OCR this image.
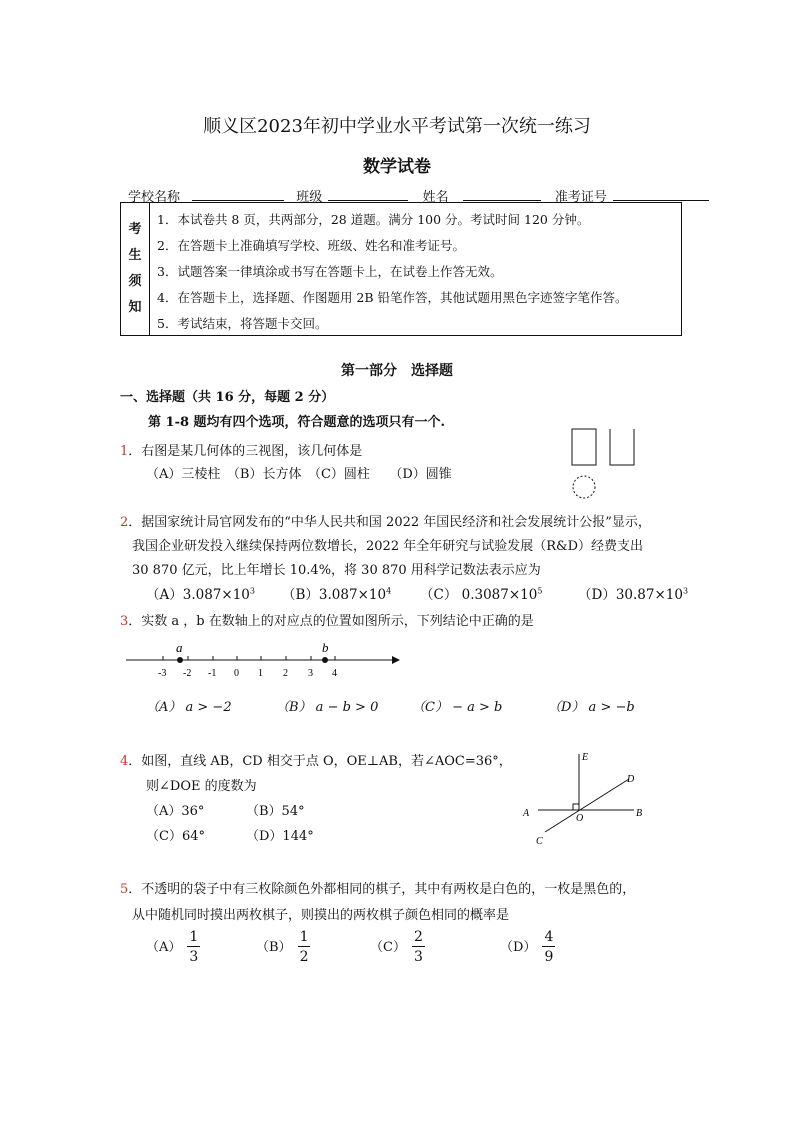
顺义区2023年初中学业水平考试第一次统一练习
数学试卷
学校名称	班级	姓名	准考证号
考
生
须
知
1．本试卷共 8 页，共两部分，28 道题。满分 100 分。考试时间 120 分钟。
2．在答题卡上准确填写学校、班级、姓名和准考证号。
3．试题答案一律填涂或书写在答题卡上，在试卷上作答无效。
4．在答题卡上，选择题、作图题用 2B 铅笔作答，其他试题用黑色字迹签字笔作答。
5．考试结束，将答题卡交回。
第一部分　选择题
一、选择题（共 16 分，每题 2 分）
第 1-8 题均有四个选项，符合题意的选项只有一个.
1．右图是某几何体的三视图，该几何体是
（A）三棱柱　（B）长方体　（C）圆柱　　（D）圆锥
2．据国家统计局官网发布的“中华人民共和国 2022 年国民经济和社会发展统计公报”显示，
我国企业研发投入继续保持两位数增长，2022 年全年研究与试验发展（R&D）经费支出
30 870 亿元，比上年增长 10.4%，将 30 870 用科学记数法表示应为
$(A)3.087\times 10^3$ $(B)3.087\times 10^4$ （C） $0.3087\times 10^5$	$(D)30.87\times 10^3$
3．实数 a ，b 在数轴上的对应点的位置如图所示，下列结论中正确的是
a	b
-3 -2 -1 0 1 2 3 4
（A） a > −2	（B） a − b > 0	（C） − a > b	（D） a > −b
4．如图，直线 AB，CD 相交于点 O，OE⊥AB，若∠AOC=36°，
则∠DOE 的度数为
（A）36°	（B）54°
（C）64°	（D）144°
E
D
A	O	B
C
5．不透明的袋子中有三枚除颜色外都相同的棋子，其中有两枚是白色的，一枚是黑色的，
从中随机同时摸出两枚棋子，则摸出的两枚棋子颜色相同的概率是
$(A) \frac{1}{3}$	$(B) \frac{1}{2}$	$(C) \frac{2}{3}$	$(D) \frac{4}{9}$
